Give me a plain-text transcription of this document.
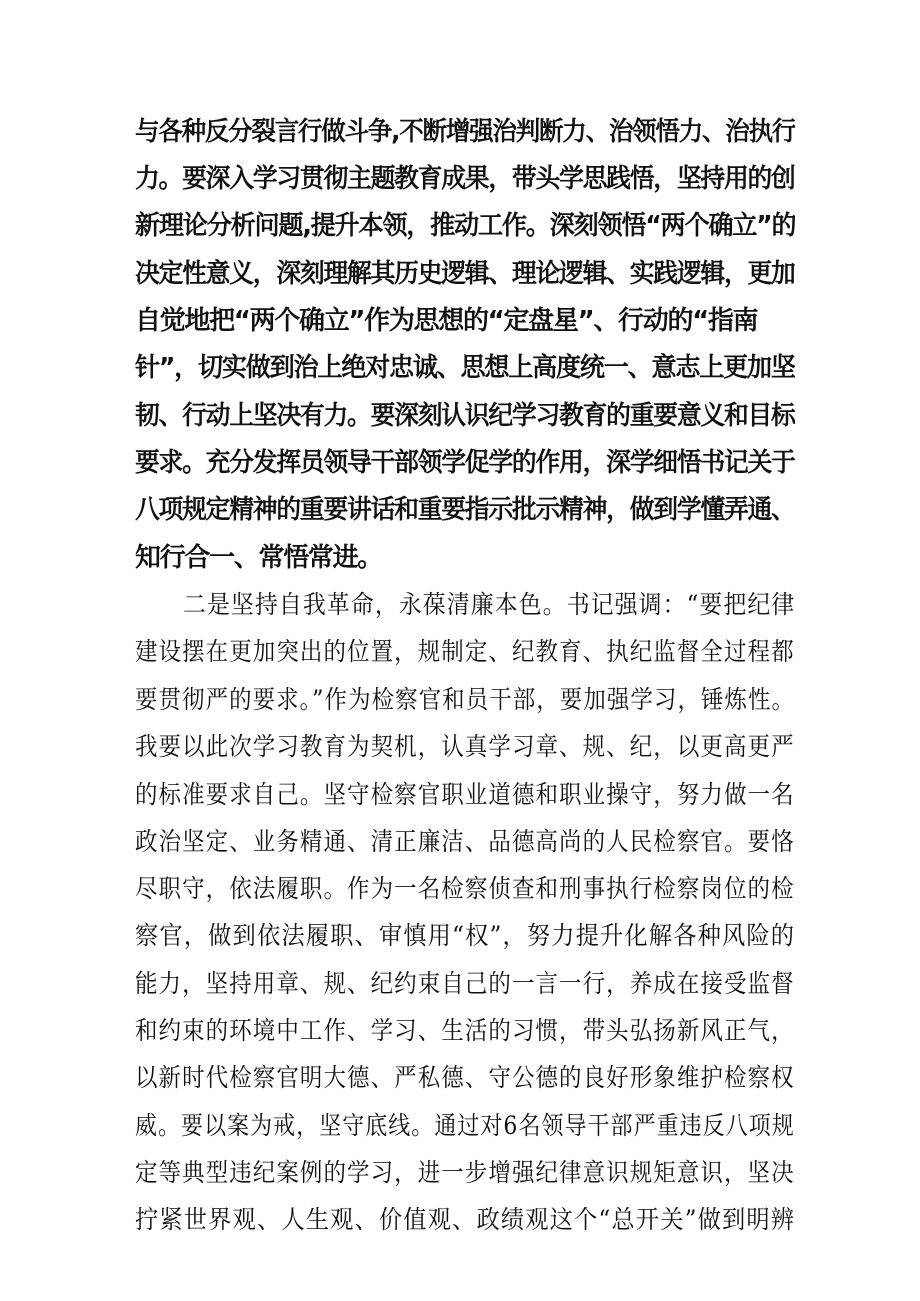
与各种反分裂言行做斗争,不断增强治判断力、治领悟力、治执行
力。要深入学习贯彻主题教育成果，带头学思践悟，坚持用的创
新理论分析问题,提升本领，推动工作。深刻领悟“两个确立”的
决定性意义，深刻理解其历史逻辑、理论逻辑、实践逻辑，更加
自觉地把“两个确立”作为思想的“定盘星”、行动的“指南
针”，切实做到治上绝对忠诚、思想上高度统一、意志上更加坚
韧、行动上坚决有力。要深刻认识纪学习教育的重要意义和目标
要求。充分发挥员领导干部领学促学的作用，深学细悟书记关于
八项规定精神的重要讲话和重要指示批示精神，做到学懂弄通、
知行合一、常悟常进。
　　二是坚持自我革命，永葆清廉本色。书记强调：“要把纪律
建设摆在更加突出的位置，规制定、纪教育、执纪监督全过程都
要贯彻严的要求。”作为检察官和员干部，要加强学习，锤炼性。
我要以此次学习教育为契机，认真学习章、规、纪，以更高更严
的标准要求自己。坚守检察官职业道德和职业操守，努力做一名
政治坚定、业务精通、清正廉洁、品德高尚的人民检察官。要恪
尽职守，依法履职。作为一名检察侦查和刑事执行检察岗位的检
察官，做到依法履职、审慎用“权”，努力提升化解各种风险的
能力，坚持用章、规、纪约束自己的一言一行，养成在接受监督
和约束的环境中工作、学习、生活的习惯，带头弘扬新风正气，
以新时代检察官明大德、严私德、守公德的良好形象维护检察权
威。要以案为戒，坚守底线。通过对6名领导干部严重违反八项规
定等典型违纪案例的学习，进一步增强纪律意识规矩意识，坚决
拧紧世界观、人生观、价值观、政绩观这个“总开关”做到明辨
